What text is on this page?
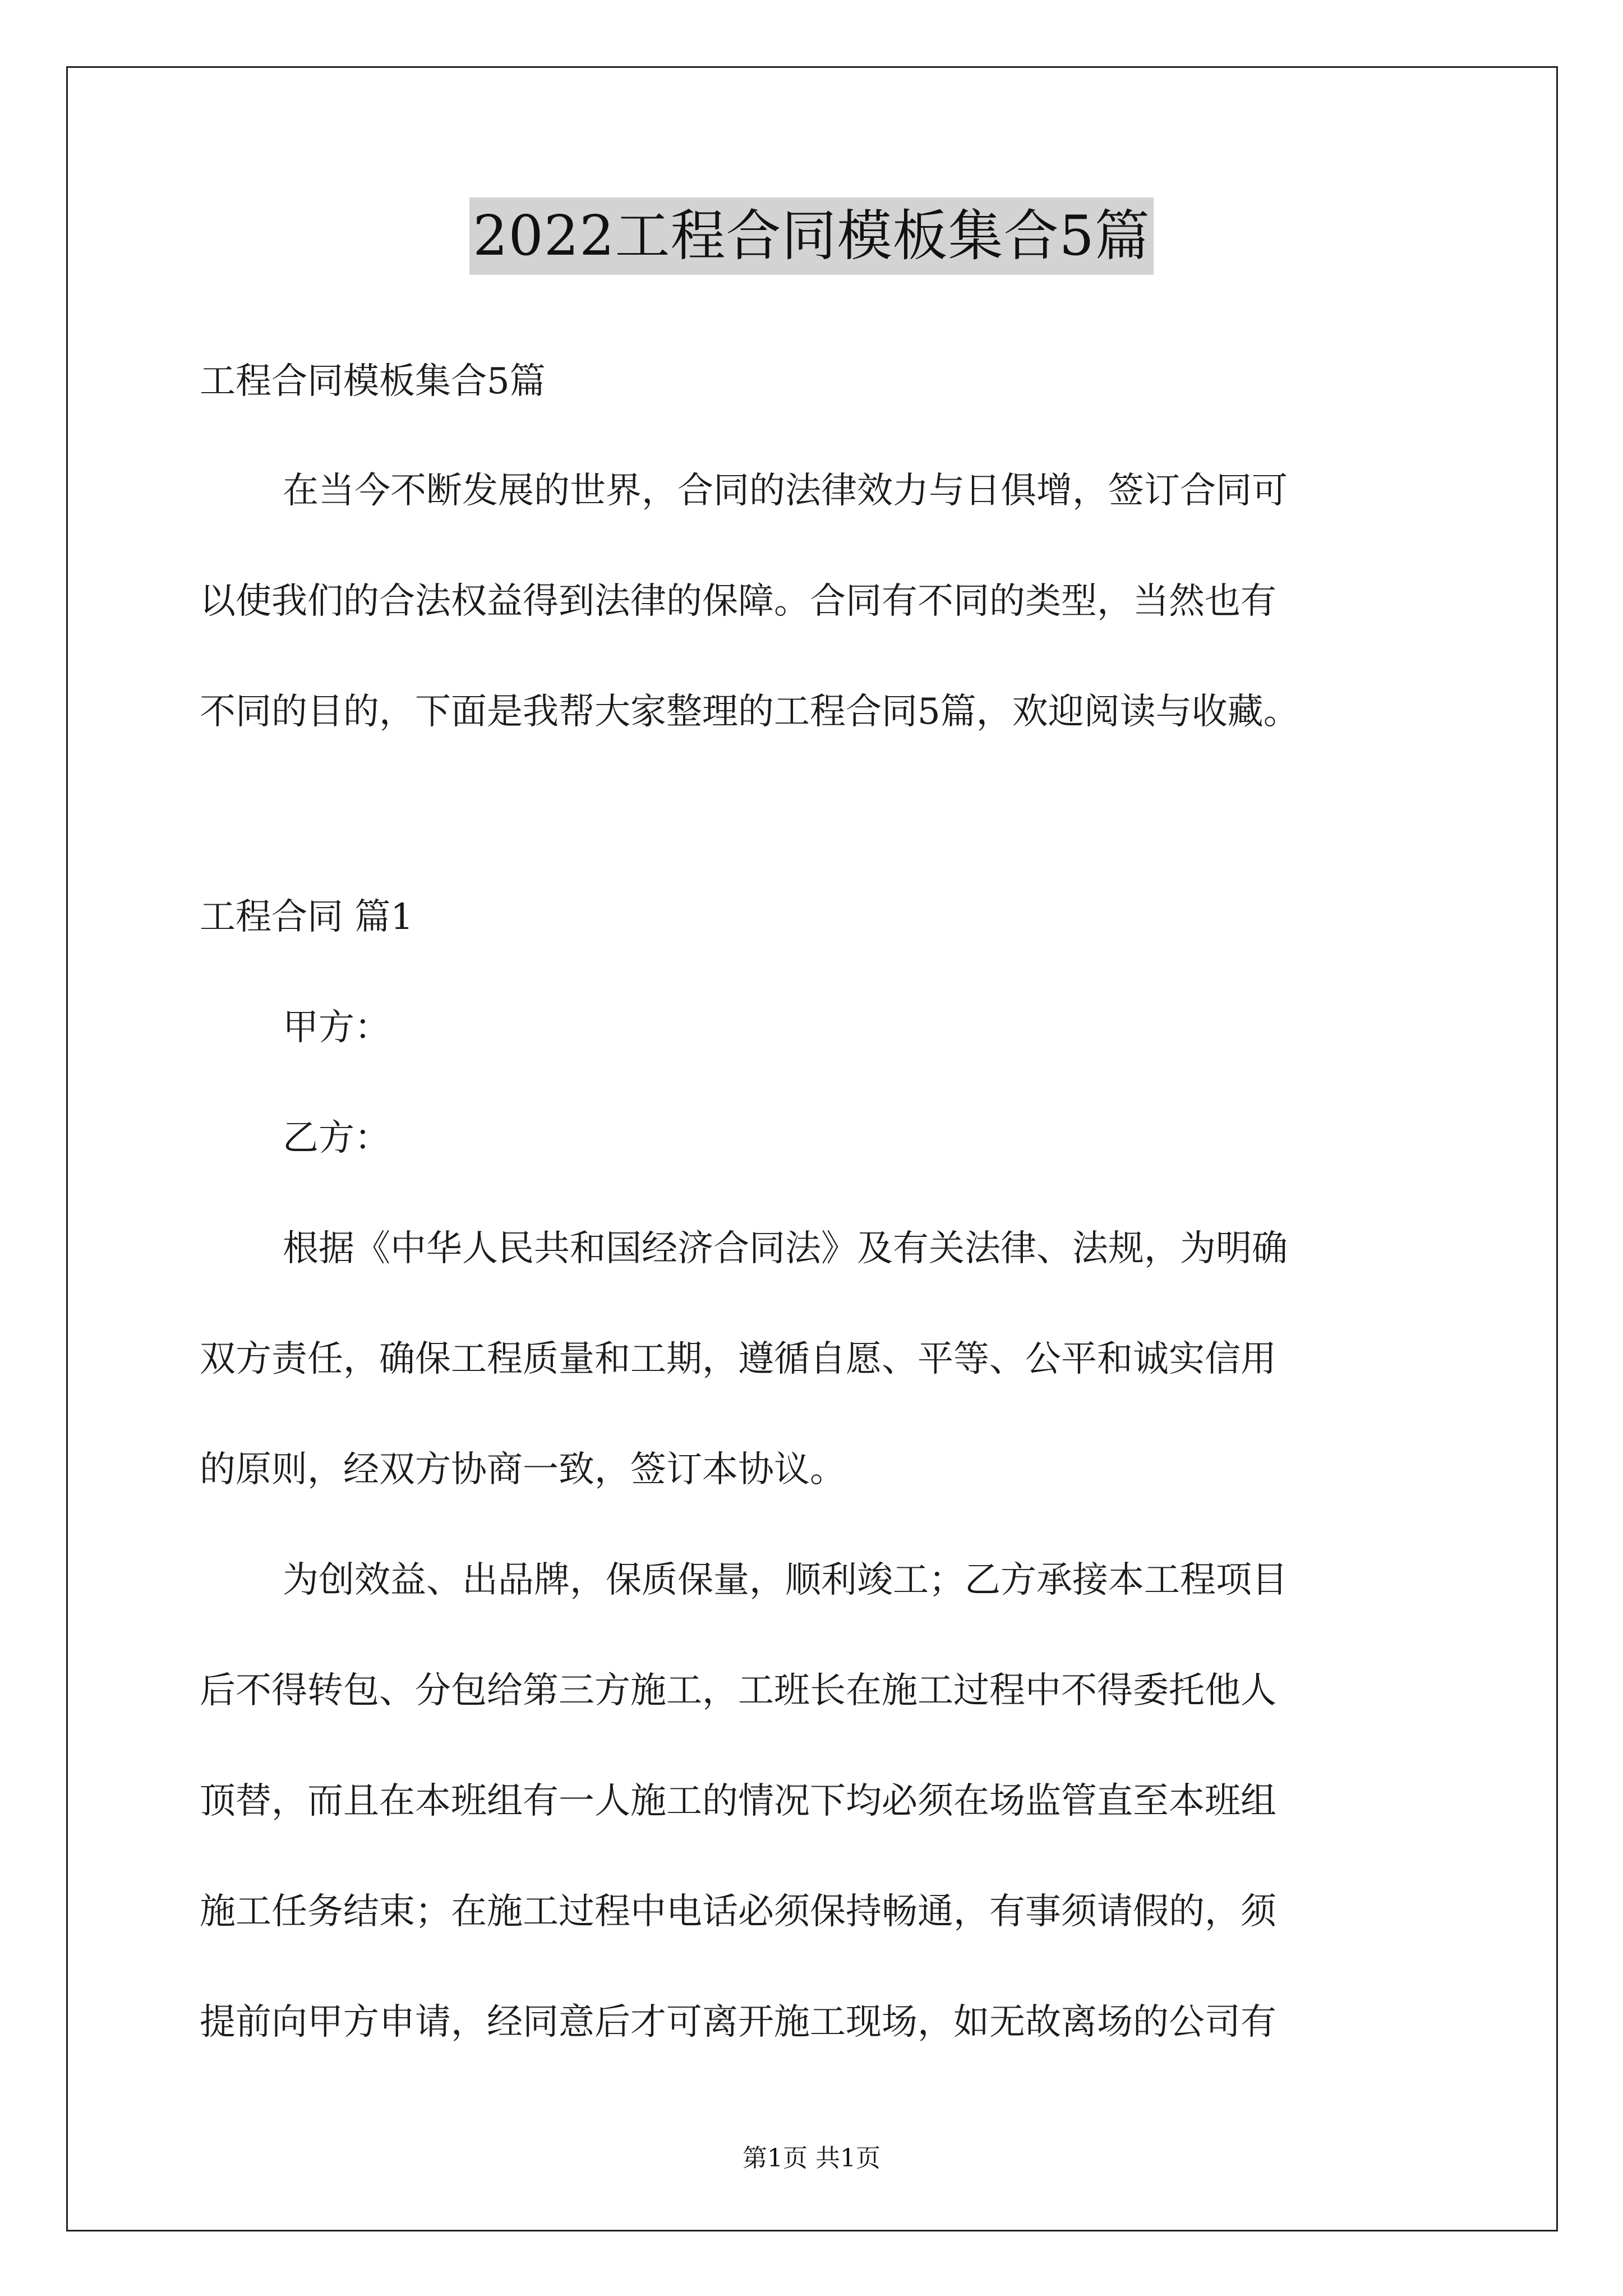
2022工程合同模板集合5篇
工程合同模板集合5篇
在当今不断发展的世界，合同的法律效力与日俱增，签订合同可
以使我们的合法权益得到法律的保障。合同有不同的类型，当然也有
不同的目的，下面是我帮大家整理的工程合同5篇，欢迎阅读与收藏。
工程合同 篇1
甲方：
乙方：
根据《中华人民共和国经济合同法》及有关法律、法规，为明确
双方责任，确保工程质量和工期，遵循自愿、平等、公平和诚实信用
的原则，经双方协商一致，签订本协议。
为创效益、出品牌，保质保量，顺利竣工；乙方承接本工程项目
后不得转包、分包给第三方施工，工班长在施工过程中不得委托他人
顶替，而且在本班组有一人施工的情况下均必须在场监管直至本班组
施工任务结束；在施工过程中电话必须保持畅通，有事须请假的，须
提前向甲方申请，经同意后才可离开施工现场，如无故离场的公司有
第1页 共1页
